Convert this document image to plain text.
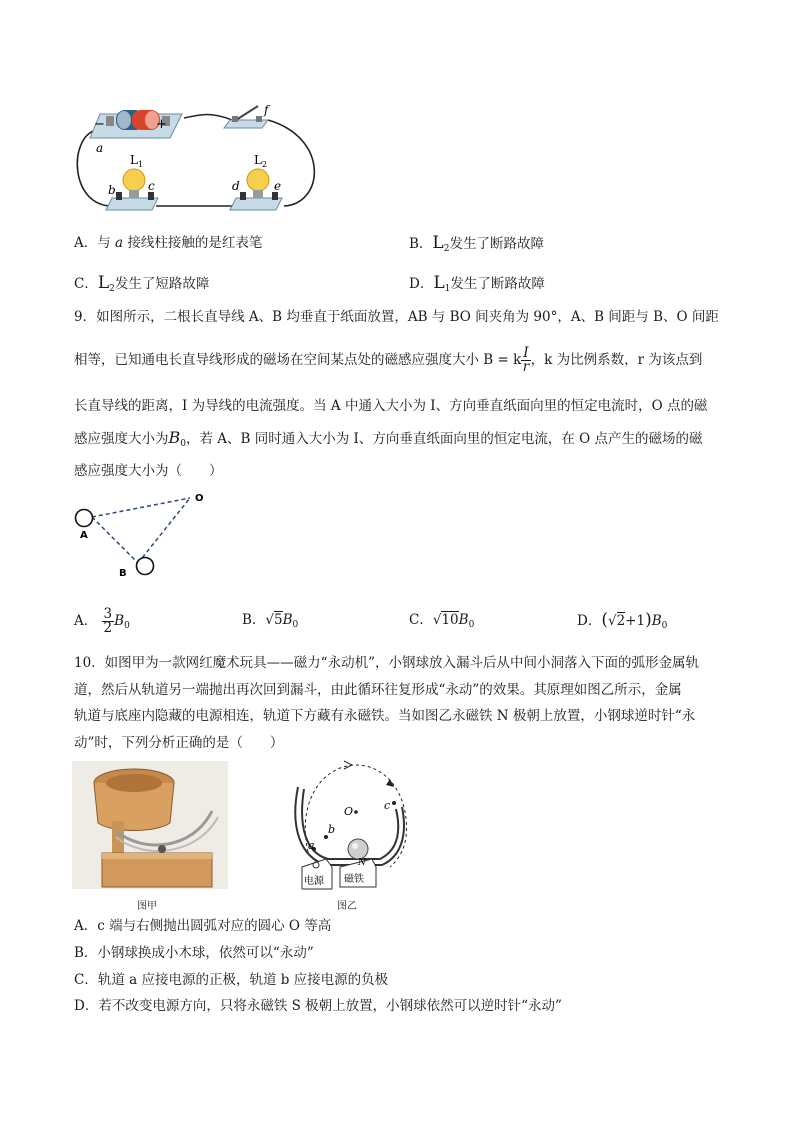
−	+
a
f
$L_1$	$L_2$
b	c	d	e
A．与 a 接线柱接触的是红表笔	B．$L_2$发生了断路故障
C．$L_2$发生了短路故障	D．$L_1$发生了断路故障
9．如图所示，二根长直导线 A、B 均垂直于纸面放置，AB 与 BO 间夹角为 90°，A、B 间距与 B、O 间距
相等，已知通电长直导线形成的磁场在空间某点处的磁感应强度大小 B = k $\frac{I}{r}$ ，k 为比例系数，r 为该点到
长直导线的距离，I 为导线的电流强度。当 A 中通入大小为 I、方向垂直纸面向里的恒定电流时，O 点的磁
感应强度大小为$B_0$，若 A、B 同时通入大小为 I、方向垂直纸面向里的恒定电流，在 O 点产生的磁场的磁
感应强度大小为（　　）
A
B
O
A． $\frac{3}{2} B_0$	B．$√5B_0$	C．$√10B_0$	D．$(√2+1)B_0$
10．如图甲为一款网红魔术玩具——磁力“永动机”，小钢球放入漏斗后从中间小洞落入下面的弧形金属轨
道，然后从轨道另一端抛出再次回到漏斗，由此循环往复形成“永动”的效果。其原理如图乙所示，金属
轨道与底座内隐藏的电源相连，轨道下方藏有永磁铁。当如图乙永磁铁 N 极朝上放置，小钢球逆时针“永
动”时，下列分析正确的是（　　）
图甲
O	c
b
a
电源 磁铁
N
图乙
A．c 端与右侧抛出圆弧对应的圆心 O 等高
B．小钢球换成小木球，依然可以“永动”
C．轨道 a 应接电源的正极，轨道 b 应接电源的负极
D．若不改变电源方向，只将永磁铁 S 极朝上放置，小钢球依然可以逆时针“永动”
